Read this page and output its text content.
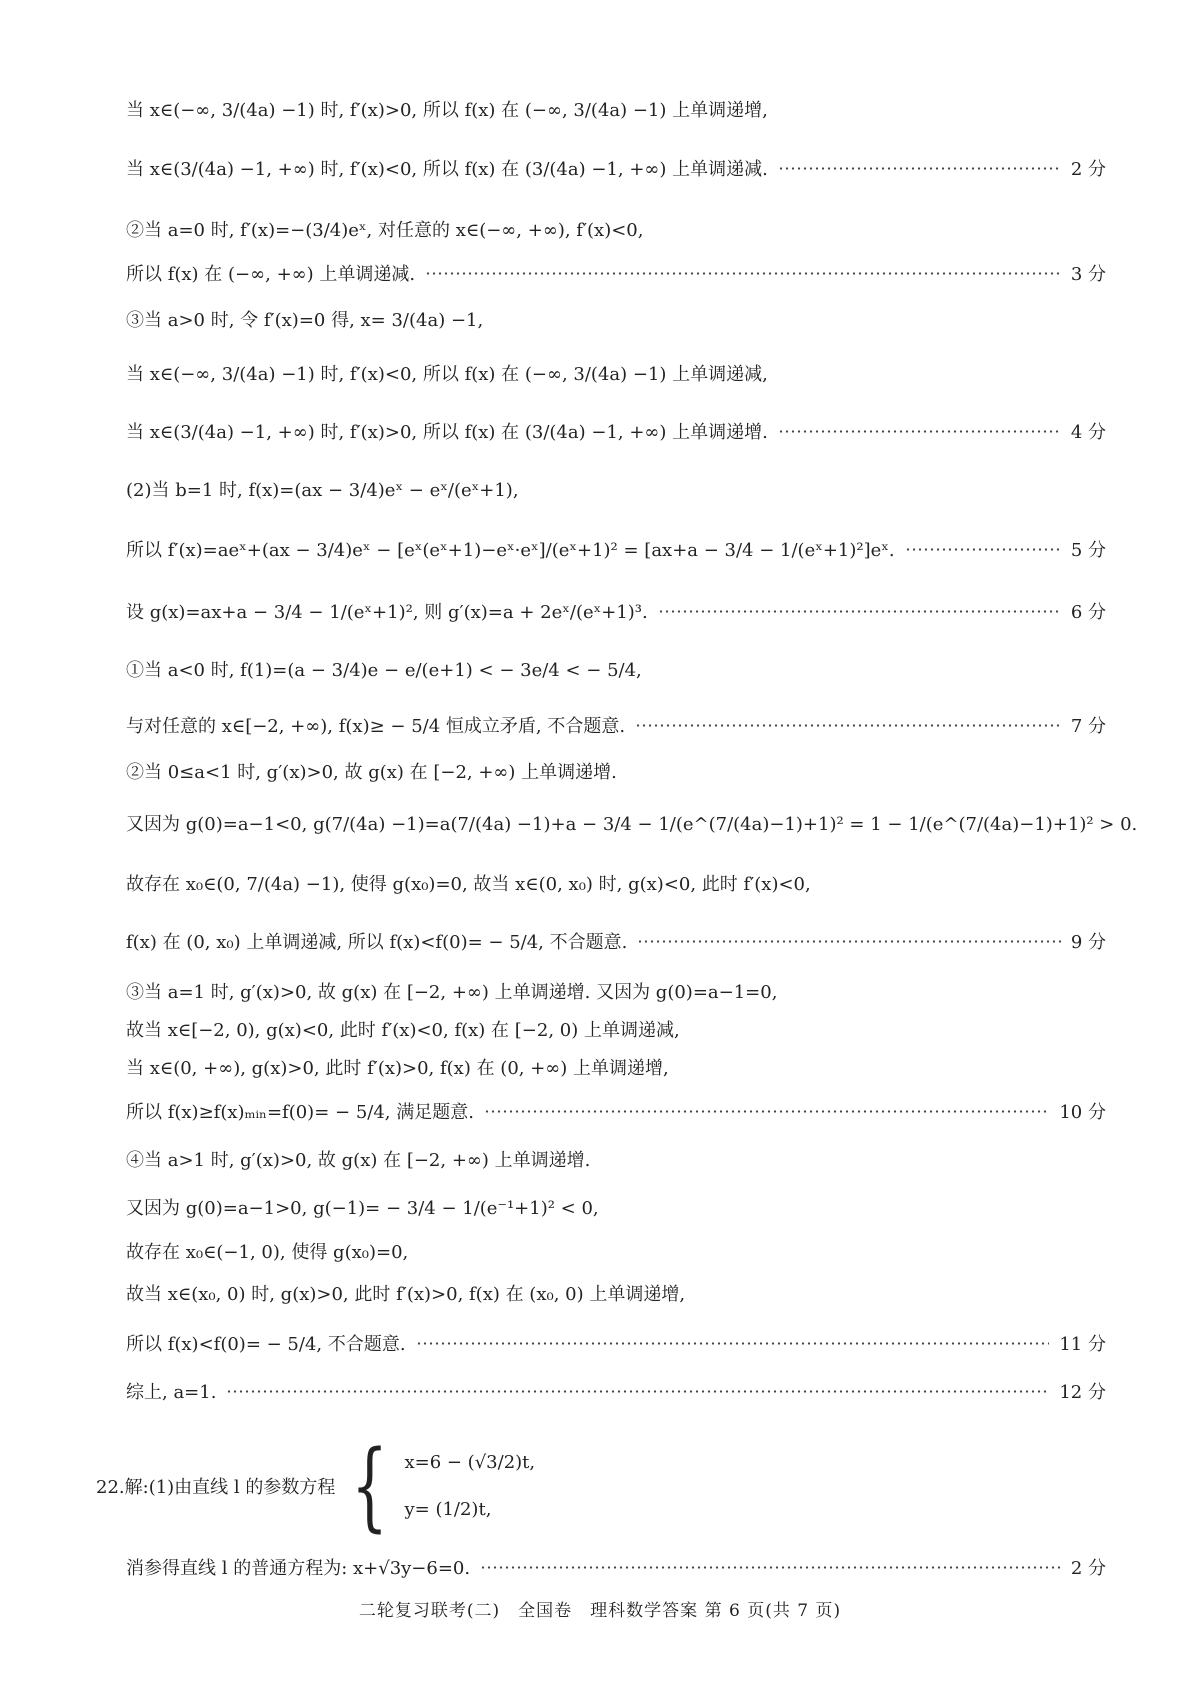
当 x∈(−∞, 3/(4a) −1) 时, f′(x)>0, 所以 f(x) 在 (−∞, 3/(4a) −1) 上单调递增,
当 x∈(3/(4a) −1, +∞) 时, f′(x)<0, 所以 f(x) 在 (3/(4a) −1, +∞) 上单调递减.	2 分
②当 a=0 时, f′(x)=−(3/4)eˣ, 对任意的 x∈(−∞, +∞), f′(x)<0,
所以 f(x) 在 (−∞, +∞) 上单调递减.	3 分
③当 a>0 时, 令 f′(x)=0 得, x= 3/(4a) −1,
当 x∈(−∞, 3/(4a) −1) 时, f′(x)<0, 所以 f(x) 在 (−∞, 3/(4a) −1) 上单调递减,
当 x∈(3/(4a) −1, +∞) 时, f′(x)>0, 所以 f(x) 在 (3/(4a) −1, +∞) 上单调递增.	4 分
(2)当 b=1 时, f(x)=(ax − 3/4)eˣ − eˣ/(eˣ+1),
所以 f′(x)=aeˣ+(ax − 3/4)eˣ − [eˣ(eˣ+1)−eˣ·eˣ]/(eˣ+1)² = [ax+a − 3/4 − 1/(eˣ+1)²]eˣ.	5 分
设 g(x)=ax+a − 3/4 − 1/(eˣ+1)², 则 g′(x)=a + 2eˣ/(eˣ+1)³.	6 分
①当 a<0 时, f(1)=(a − 3/4)e − e/(e+1) < − 3e/4 < − 5/4,
与对任意的 x∈[−2, +∞), f(x)≥ − 5/4 恒成立矛盾, 不合题意.	7 分
②当 0≤a<1 时, g′(x)>0, 故 g(x) 在 [−2, +∞) 上单调递增.
又因为 g(0)=a−1<0, g(7/(4a) −1)=a(7/(4a) −1)+a − 3/4 − 1/(e^(7/(4a)−1)+1)² = 1 − 1/(e^(7/(4a)−1)+1)² > 0.
故存在 x₀∈(0, 7/(4a) −1), 使得 g(x₀)=0, 故当 x∈(0, x₀) 时, g(x)<0, 此时 f′(x)<0,
f(x) 在 (0, x₀) 上单调递减, 所以 f(x)<f(0)= − 5/4, 不合题意.	9 分
③当 a=1 时, g′(x)>0, 故 g(x) 在 [−2, +∞) 上单调递增. 又因为 g(0)=a−1=0,
故当 x∈[−2, 0), g(x)<0, 此时 f′(x)<0, f(x) 在 [−2, 0) 上单调递减,
当 x∈(0, +∞), g(x)>0, 此时 f′(x)>0, f(x) 在 (0, +∞) 上单调递增,
所以 f(x)≥f(x)ₘᵢₙ=f(0)= − 5/4, 满足题意.	10 分
④当 a>1 时, g′(x)>0, 故 g(x) 在 [−2, +∞) 上单调递增.
又因为 g(0)=a−1>0, g(−1)= − 3/4 − 1/(e⁻¹+1)² < 0,
故存在 x₀∈(−1, 0), 使得 g(x₀)=0,
故当 x∈(x₀, 0) 时, g(x)>0, 此时 f′(x)>0, f(x) 在 (x₀, 0) 上单调递增,
所以 f(x)<f(0)= − 5/4, 不合题意.	11 分
综上, a=1.	12 分
22.解:(1)由直线 l 的参数方程 { x=6 − (√3/2)t,
y= (1/2)t,
消参得直线 l 的普通方程为: x+√3y−6=0.	2 分
二轮复习联考(二)　全国卷　理科数学答案 第 6 页(共 7 页)
